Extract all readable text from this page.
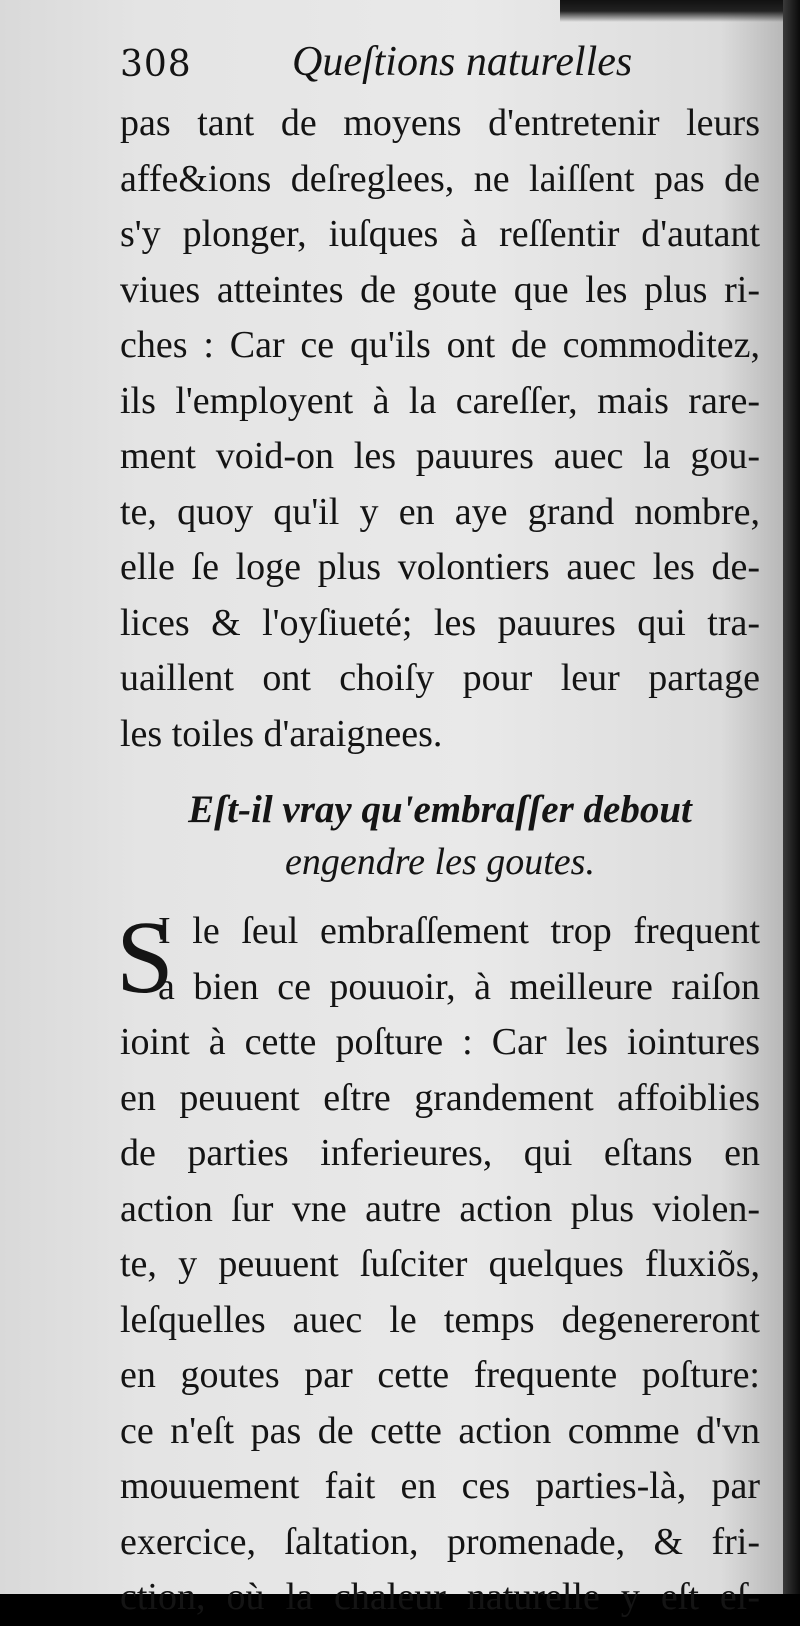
308 Queſtions naturelles
pas tant de moyens d'entretenir leurs
affe&ions deſreglees, ne laiſſent pas de
s'y plonger, iuſques à reſſentir d'autant
viues atteintes de goute que les plus ri-
ches : Car ce qu'ils ont de commoditez,
ils l'employent à la careſſer, mais rare-
ment void-on les pauures auec la gou-
te, quoy qu'il y en aye grand nombre,
elle ſe loge plus volontiers auec les de-
lices & l'oyſiueté; les pauures qui tra-
uaillent ont choiſy pour leur partage
les toiles d'araignees.
Eſt-il vray qu'embraſſer debout
engendre les goutes.
S
I le ſeul embraſſement trop frequent
a bien ce pouuoir, à meilleure raiſon
ioint à cette poſture : Car les iointures
en peuuent eſtre grandement affoiblies
de parties inferieures, qui eſtans en
action ſur vne autre action plus violen-
te, y peuuent ſuſciter quelques fluxiõs,
leſquelles auec le temps degenereront
en goutes par cette frequente poſture:
ce n'eſt pas de cette action comme d'vn
mouuement fait en ces parties-là, par
exercice, ſaltation, promenade, & fri-
ction, où la chaleur naturelle y eſt eſ-
